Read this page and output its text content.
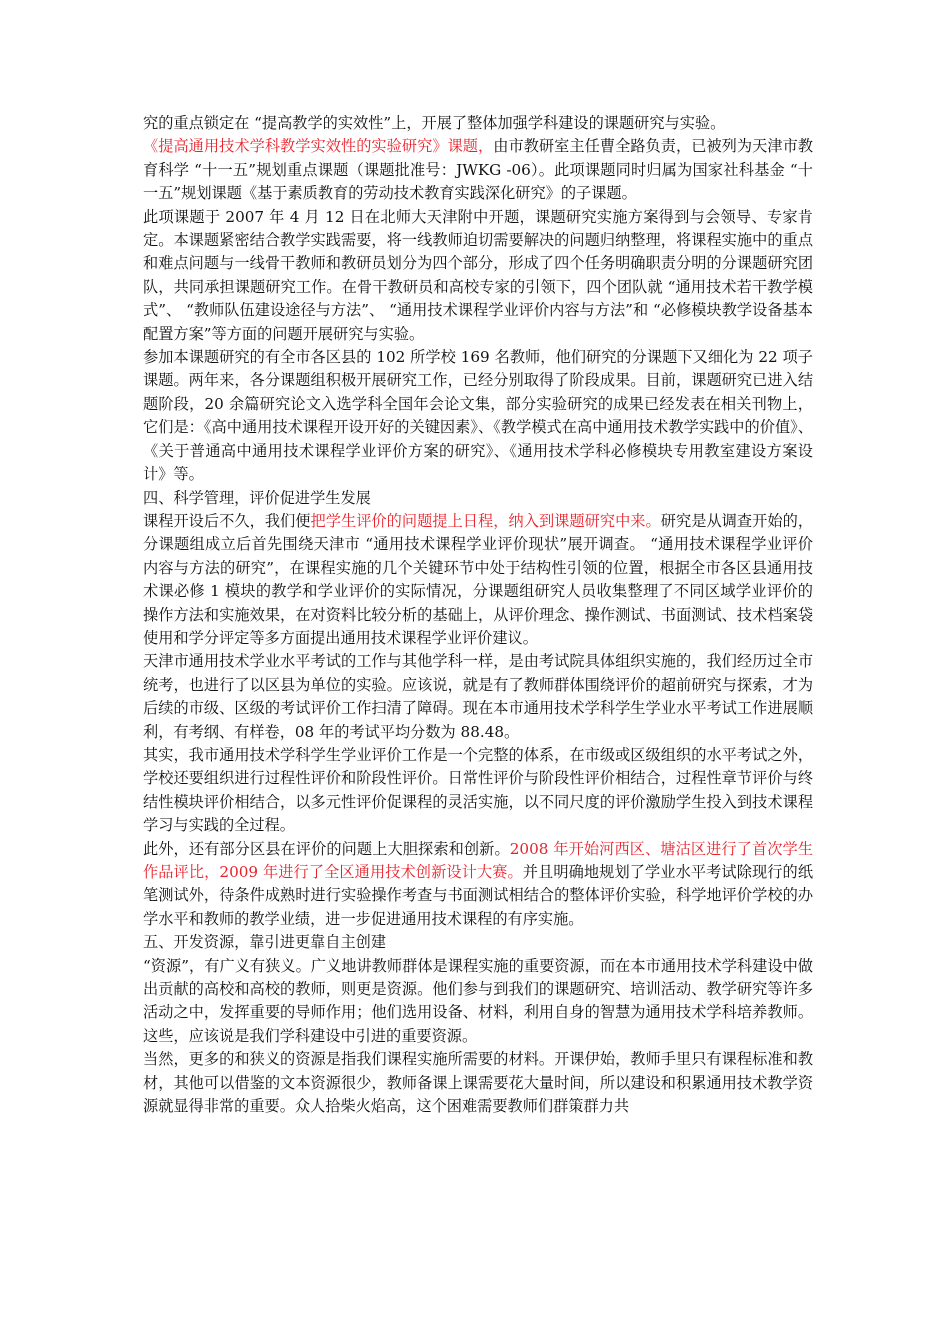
究的重点锁定在 “提高教学的实效性”上，开展了整体加强学科建设的课题研究与实验。

《提高通用技术学科教学实效性的实验研究》课题，由市教研室主任曹全路负责，已被列为天津市教育科学 “十一五”规划重点课题（课题批准号：JWKG -06）。此项课题同时归属为国家社科基金 “十一五”规划课题《基于素质教育的劳动技术教育实践深化研究》的子课题。

此项课题于 2007 年 4 月 12 日在北师大天津附中开题，课题研究实施方案得到与会领导、专家肯定。本课题紧密结合教学实践需要，将一线教师迫切需要解决的问题归纳整理，将课程实施中的重点和难点问题与一线骨干教师和教研员划分为四个部分，形成了四个任务明确职责分明的分课题研究团队，共同承担课题研究工作。在骨干教研员和高校专家的引领下，四个团队就 “通用技术若干教学模式”、 “教师队伍建设途径与方法”、 “通用技术课程学业评价内容与方法”和 “必修模块教学设备基本配置方案”等方面的问题开展研究与实验。

参加本课题研究的有全市各区县的 102 所学校 169 名教师，他们研究的分课题下又细化为 22 项子课题。两年来，各分课题组积极开展研究工作，已经分别取得了阶段成果。目前，课题研究已进入结题阶段，20 余篇研究论文入选学科全国年会论文集，部分实验研究的成果已经发表在相关刊物上，它们是：《高中通用技术课程开设开好的关键因素》、《教学模式在高中通用技术教学实践中的价值》、《关于普通高中通用技术课程学业评价方案的研究》、《通用技术学科必修模块专用教室建设方案设计》等。

四、科学管理，评价促进学生发展

课程开设后不久，我们便把学生评价的问题提上日程，纳入到课题研究中来。研究是从调查开始的，分课题组成立后首先围绕天津市 “通用技术课程学业评价现状”展开调查。 “通用技术课程学业评价内容与方法的研究”，在课程实施的几个关键环节中处于结构性引领的位置，根据全市各区县通用技术课必修 1 模块的教学和学业评价的实际情况，分课题组研究人员收集整理了不同区域学业评价的操作方法和实施效果，在对资料比较分析的基础上，从评价理念、操作测试、书面测试、技术档案袋使用和学分评定等多方面提出通用技术课程学业评价建议。

天津市通用技术学业水平考试的工作与其他学科一样，是由考试院具体组织实施的，我们经历过全市统考，也进行了以区县为单位的实验。应该说，就是有了教师群体围绕评价的超前研究与探索，才为后续的市级、区级的考试评价工作扫清了障碍。现在本市通用技术学科学生学业水平考试工作进展顺利，有考纲、有样卷，08 年的考试平均分数为 88.48。

其实，我市通用技术学科学生学业评价工作是一个完整的体系，在市级或区级组织的水平考试之外，学校还要组织进行过程性评价和阶段性评价。日常性评价与阶段性评价相结合，过程性章节评价与终结性模块评价相结合，以多元性评价促课程的灵活实施，以不同尺度的评价激励学生投入到技术课程学习与实践的全过程。

此外，还有部分区县在评价的问题上大胆探索和创新。2008 年开始河西区、塘沽区进行了首次学生作品评比，2009 年进行了全区通用技术创新设计大赛。并且明确地规划了学业水平考试除现行的纸笔测试外，待条件成熟时进行实验操作考查与书面测试相结合的整体评价实验，科学地评价学校的办学水平和教师的教学业绩，进一步促进通用技术课程的有序实施。

五、开发资源，靠引进更靠自主创建

“资源”，有广义有狭义。广义地讲教师群体是课程实施的重要资源，而在本市通用技术学科建设中做出贡献的高校和高校的教师，则更是资源。他们参与到我们的课题研究、培训活动、教学研究等许多活动之中，发挥重要的导师作用；他们选用设备、材料，利用自身的智慧为通用技术学科培养教师。这些，应该说是我们学科建设中引进的重要资源。

当然，更多的和狭义的资源是指我们课程实施所需要的材料。开课伊始，教师手里只有课程标准和教材，其他可以借鉴的文本资源很少，教师备课上课需要花大量时间，所以建设和积累通用技术教学资源就显得非常的重要。众人拾柴火焰高，这个困难需要教师们群策群力共
